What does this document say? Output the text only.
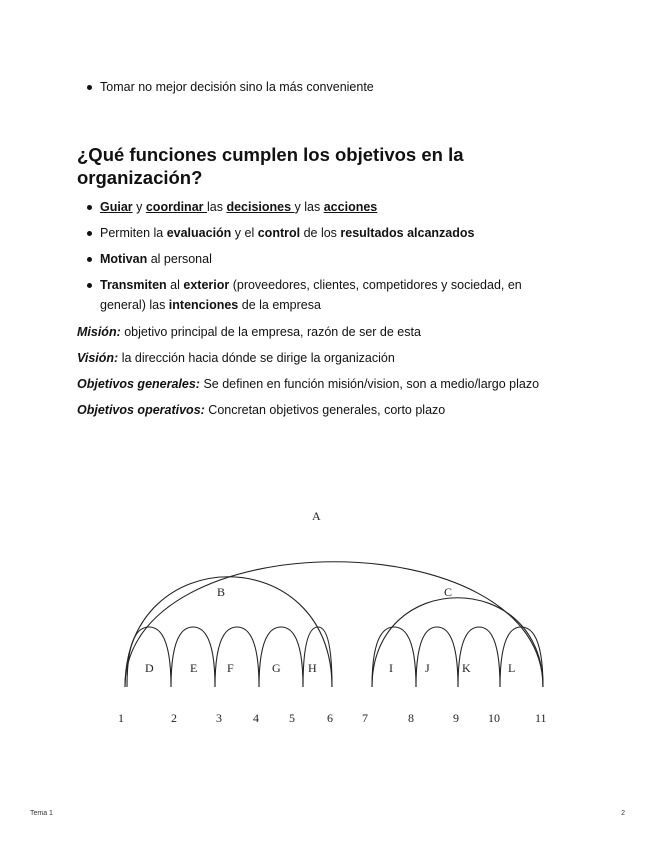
Tomar no mejor decisión sino la más conveniente
¿Qué funciones cumplen los objetivos en la organización?
Guiar y coordinar las decisiones y las acciones
Permiten la evaluación y el control de los resultados alcanzados
Motivan al personal
Transmiten al exterior (proveedores, clientes, competidores y sociedad, en general) las intenciones de la empresa
Misión: objetivo principal de la empresa, razón de ser de esta
Visión: la dirección hacia dónde se dirige la organización
Objetivos generales: Se definen en función misión/vision, son a medio/largo plazo
Objetivos operativos: Concretan objetivos generales, corto plazo
A
B	C
D	E F	G H	I	J	K	L
1	2	3	4	5	6 7	8	9 10	11
Tema 1	2
